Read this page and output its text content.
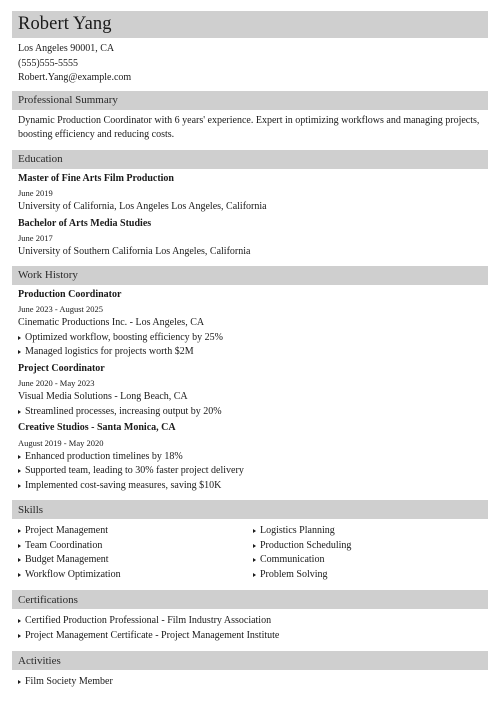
Robert Yang
Los Angeles 90001, CA
(555)555-5555
Robert.Yang@example.com
Professional Summary
Dynamic Production Coordinator with 6 years' experience. Expert in optimizing workflows and managing projects, boosting efficiency and reducing costs.
Education
Master of Fine Arts Film Production
June 2019
University of California, Los Angeles Los Angeles, California
Bachelor of Arts Media Studies
June 2017
University of Southern California Los Angeles, California
Work History
Production Coordinator
June 2023 - August 2025
Cinematic Productions Inc. - Los Angeles, CA
Optimized workflow, boosting efficiency by 25%
Managed logistics for projects worth $2M
Project Coordinator
June 2020 - May 2023
Visual Media Solutions - Long Beach, CA
Streamlined processes, increasing output by 20%
Creative Studios - Santa Monica, CA
August 2019 - May 2020
Enhanced production timelines by 18%
Supported team, leading to 30% faster project delivery
Implemented cost-saving measures, saving $10K
Skills
Project Management
Team Coordination
Budget Management
Workflow Optimization
Logistics Planning
Production Scheduling
Communication
Problem Solving
Certifications
Certified Production Professional - Film Industry Association
Project Management Certificate - Project Management Institute
Activities
Film Society Member
